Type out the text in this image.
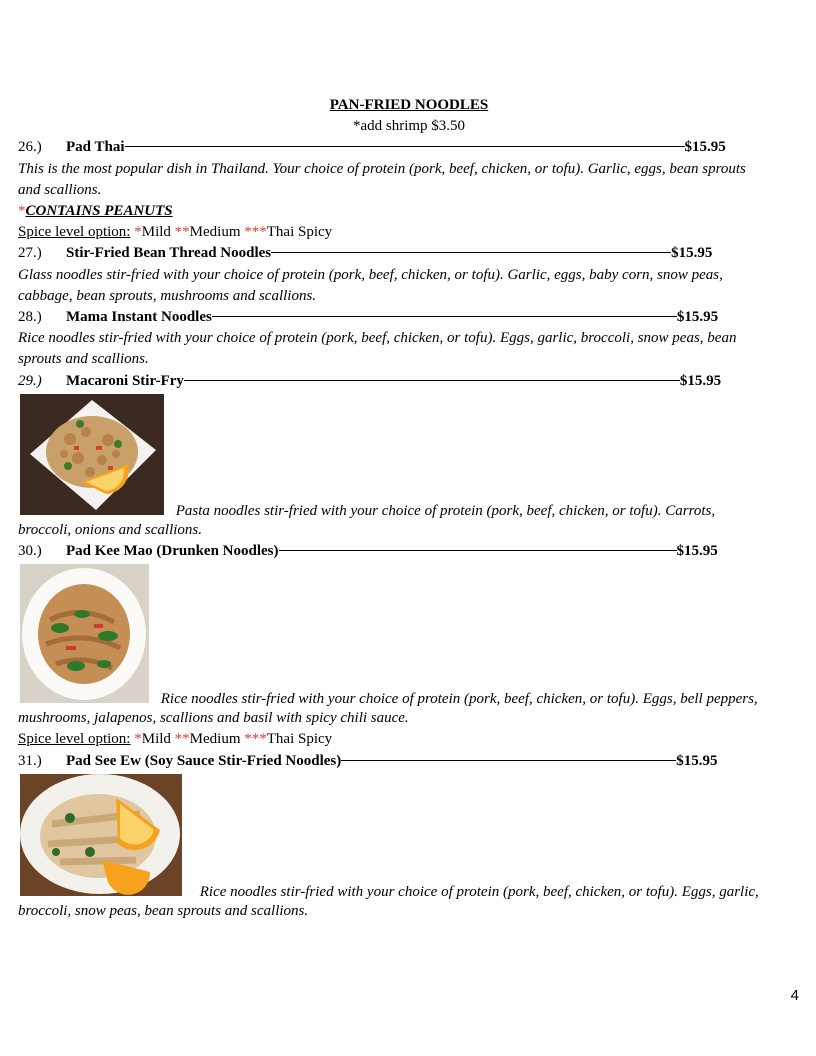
PAN-FRIED NOODLES
*add shrimp $3.50
26.) Pad Thai	$15.95
This is the most popular dish in Thailand. Your choice of protein (pork, beef, chicken, or tofu). Garlic, eggs, bean sprouts
and scallions.
*CONTAINS PEANUTS
Spice level option: *Mild **Medium ***Thai Spicy
27.) Stir-Fried Bean Thread Noodles	$15.95
Glass noodles stir-fried with your choice of protein (pork, beef, chicken, or tofu). Garlic, eggs, baby corn, snow peas,
cabbage, bean sprouts, mushrooms and scallions.
28.) Mama Instant Noodles	$15.95
Rice noodles stir-fried with your choice of protein (pork, beef, chicken, or tofu). Eggs, garlic, broccoli, snow peas, bean
sprouts and scallions.
29.) Macaroni Stir-Fry	$15.95
Pasta noodles stir-fried with your choice of protein (pork, beef, chicken, or tofu). Carrots,
broccoli, onions and scallions.
30.) Pad Kee Mao (Drunken Noodles)	$15.95
Rice noodles stir-fried with your choice of protein (pork, beef, chicken, or tofu). Eggs, bell peppers,
mushrooms, jalapenos, scallions and basil with spicy chili sauce.
Spice level option: *Mild **Medium ***Thai Spicy
31.) Pad See Ew (Soy Sauce Stir-Fried Noodles)	$15.95
Rice noodles stir-fried with your choice of protein (pork, beef, chicken, or tofu). Eggs, garlic,
broccoli, snow peas, bean sprouts and scallions.
4
